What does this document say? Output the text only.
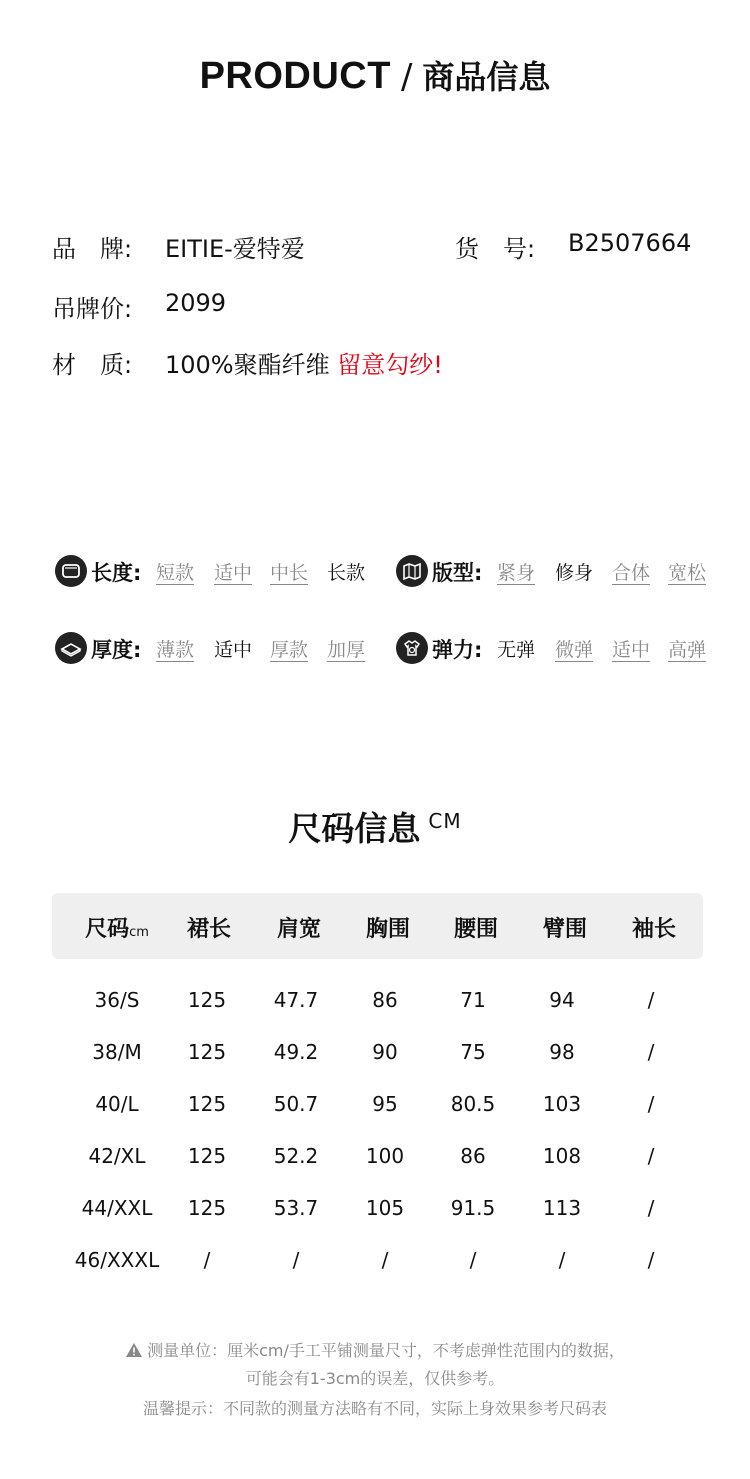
PRODUCT / 商品信息
品　牌: EITIE-爱特爱	货　号: B2507664
吊牌价: 2099
材　质: 100%聚酯纤维 留意勾纱!
长度: 短款 适中 中长 长款	版型: 紧身 修身 合体 宽松
厚度: 薄款 适中 厚款 加厚	弹力: 无弹 微弹 适中 高弹
尺码信息 CM
尺码cm 裙长 肩宽 胸围 腰围 臂围 袖长
36/S 125 47.7	86	71	94	/
38/M 125 49.2	90	75	98	/
40/L 125 50.7	95	80.5 103	/
42/XL 125 52.2 100	86	108	/
44/XXL 125 53.7 105 91.5 113	/
46/XXXL /	/	/	/	/	/
测量单位：厘米cm/手工平铺测量尺寸，不考虑弹性范围内的数据，
可能会有1-3cm的误差，仅供参考。
温馨提示：不同款的测量方法略有不同，实际上身效果参考尺码表
